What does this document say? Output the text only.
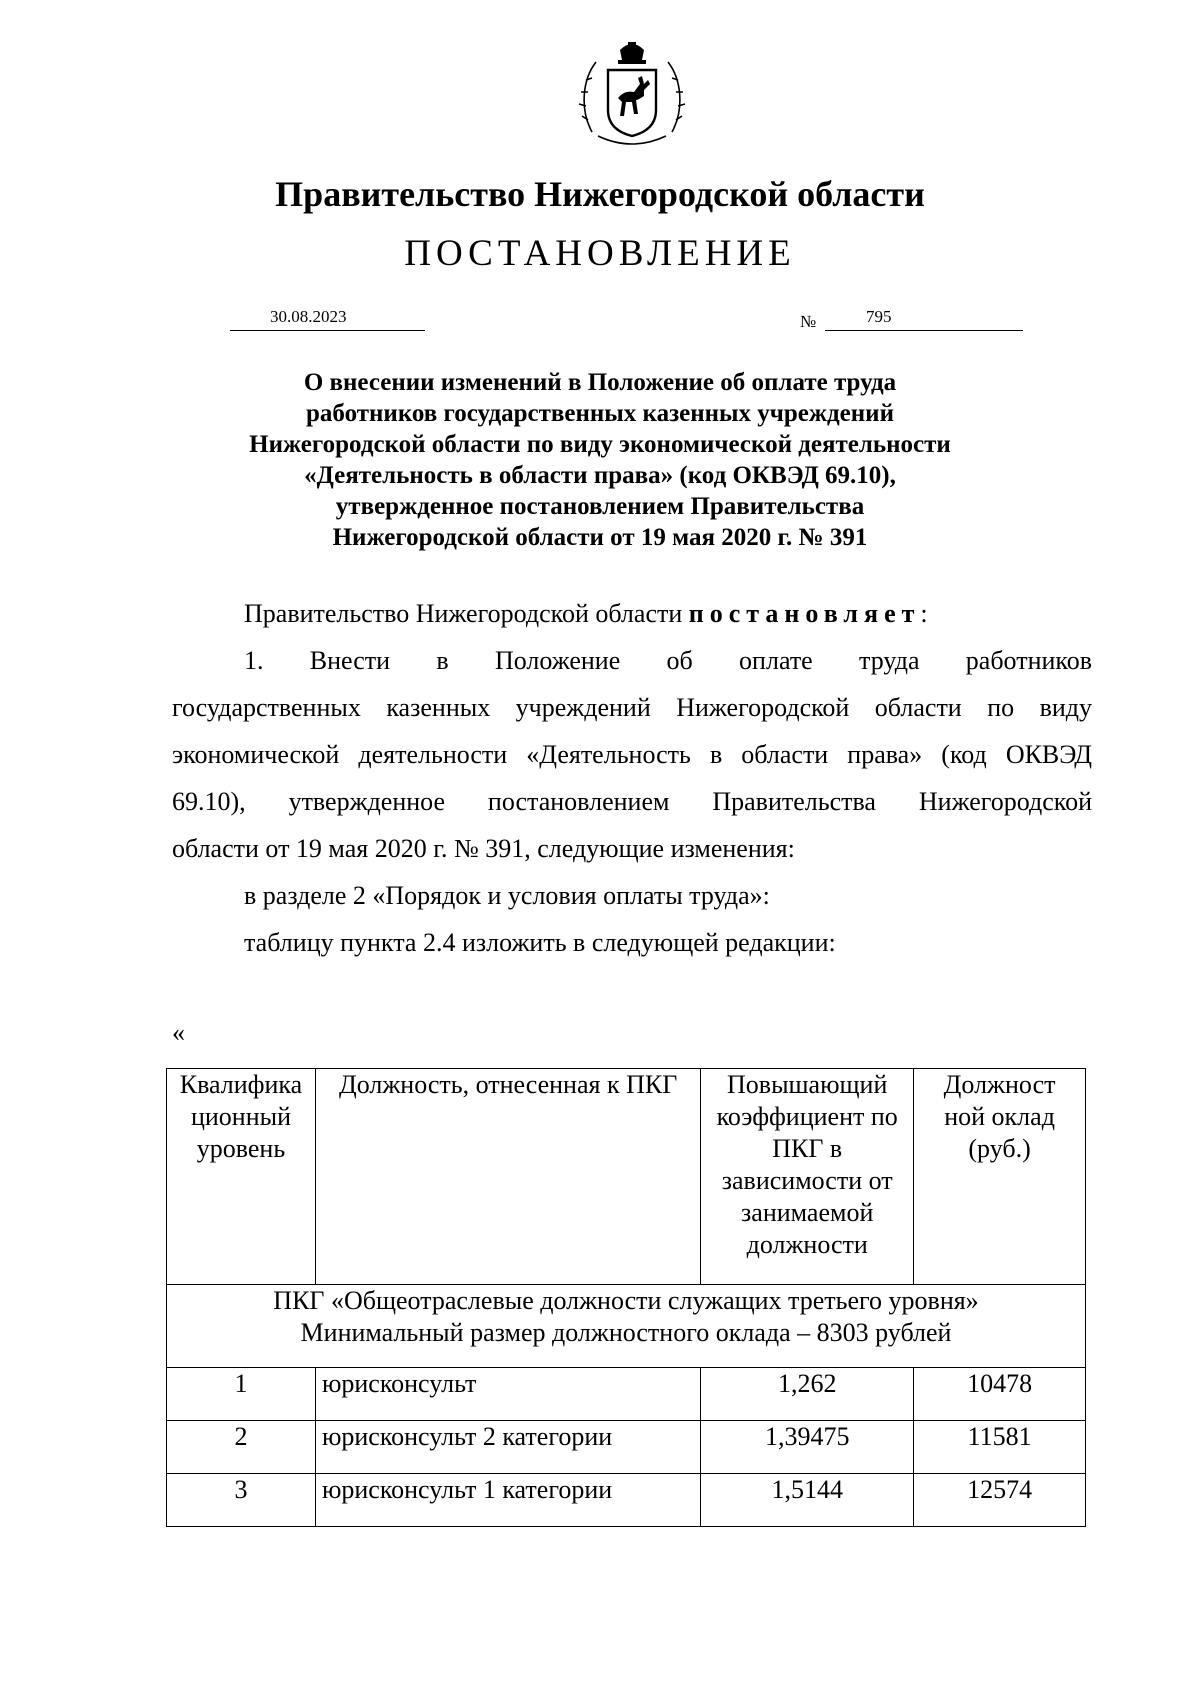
Правительство Нижегородской области
ПОСТАНОВЛЕНИЕ
30.08.2023	№	795
О внесении изменений в Положение об оплате труда
работников государственных казенных учреждений
Нижегородской области по виду экономической деятельности
«Деятельность в области права» (код ОКВЭД 69.10),
утвержденное постановлением Правительства
Нижегородской области от 19 мая 2020 г. № 391

Правительство Нижегородской области постановляет:

1. Внести в Положение об оплате труда работников

государственных казенных учреждений Нижегородской области по виду

экономической деятельности «Деятельность в области права» (код ОКВЭД

69.10), утвержденное постановлением Правительства Нижегородской

области от 19 мая 2020 г. № 391, следующие изменения:

в разделе 2 «Порядок и условия оплаты труда»:

таблицу пункта 2.4 изложить в следующей редакции:

«
Квалифика ционный уровень	Должность, отнесенная к ПКГ	Повышающий коэффициент по ПКГ в зависимости от занимаемой должности	Должност ной оклад (руб.)

ПКГ «Общеотраслевые должности служащих третьего уровня»
Минимальный размер должностного оклада – 8303 рублей			

1	юрисконсульт	1,262	10478
2	юрисконсульт 2 категории	1,39475	11581
3	юрисконсульт 1 категории	1,5144	12574
